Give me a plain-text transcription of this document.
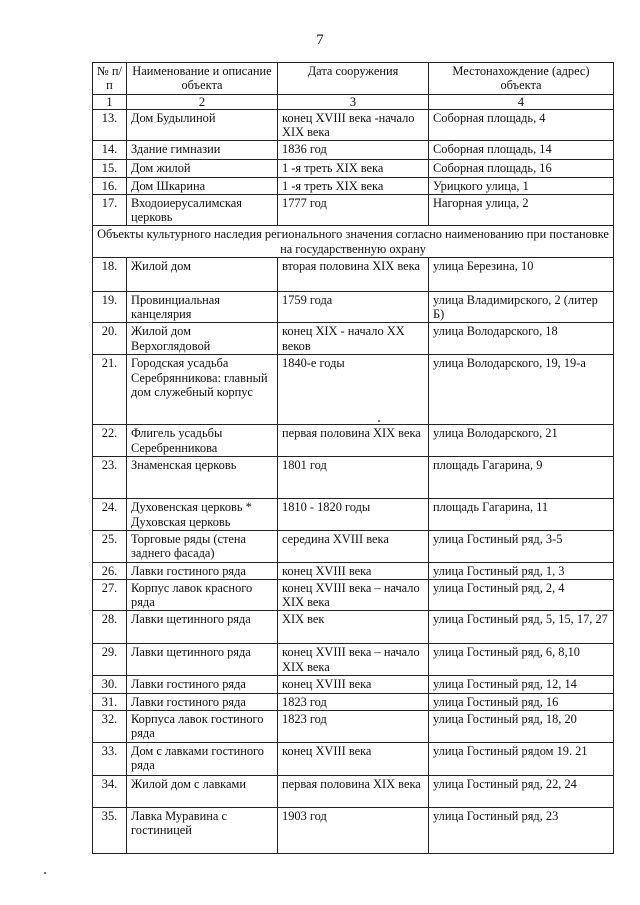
7
№ п/п	Наименование и описание объекта	Дата сооружения	Местонахождение (адрес) объекта
1	2	3	4
13.	Дом Будылиной	конец XVIII века -начало XIX века	Соборная площадь, 4
14.	Здание гимназии	1836 год	Соборная площадь, 14
15.	Дом жилой	1 -я треть XIX века	Соборная площадь, 16
16.	Дом Шкарина	1 -я треть XIX века	Урицкого улица, 1
17.	Входоиерусалимская церковь	1777 год	Нагорная улица, 2
Объекты культурного наследия регионального значения согласно наименованию при постановке на государственную охрану			
18.	Жилой дом	вторая половина XIX века	улица Березина, 10
19.	Провинциальная канцелярия	1759 года	улица Владимирского, 2 (литер Б)
20.	Жилой дом Верхоглядовой	конец XIX - начало XX веков	улица Володарского, 18
21.	Городская усадьба Серебрянникова: главный дом служебный корпус	1840-е годы	улица Володарского, 19, 19-а
22.	Флигель усадьбы Серебренникова	первая половина XIX века	улица Володарского, 21
23.	Знаменская церковь	1801 год	площадь Гагарина, 9
24.	Духовенская церковь * Духовская церковь	1810 - 1820 годы	площадь Гагарина, 11
25.	Торговые ряды (стена заднего фасада)	середина XVIII века	улица Гостиный ряд, 3-5
26.	Лавки гостиного ряда	конец XVIII века	улица Гостиный ряд, 1, 3
27.	Корпус лавок красного ряда	конец XVIII века – начало XIX века	улица Гостиный ряд, 2, 4
28.	Лавки щетинного ряда	XIX век	улица Гостиный ряд, 5, 15, 17, 27
29.	Лавки щетинного ряда	конец XVIII века – начало XIX века	улица Гостиный ряд, 6, 8,10
30.	Лавки гостиного ряда	конец XVIII века	улица Гостиный ряд, 12, 14
31.	Лавки гостиного ряда	1823 год	улица Гостиный ряд, 16
32.	Корпуса лавок гостиного ряда	1823 год	улица Гостиный ряд, 18, 20
33.	Дом с лавками гостиного ряда	конец XVIII века	улица Гостиный рядом 19. 21
34.	Жилой дом с лавками	первая половина XIX века	улица Гостиный ряд, 22, 24
35.	Лавка Муравина с гостиницей	1903 год	улица Гостиный ряд, 23
